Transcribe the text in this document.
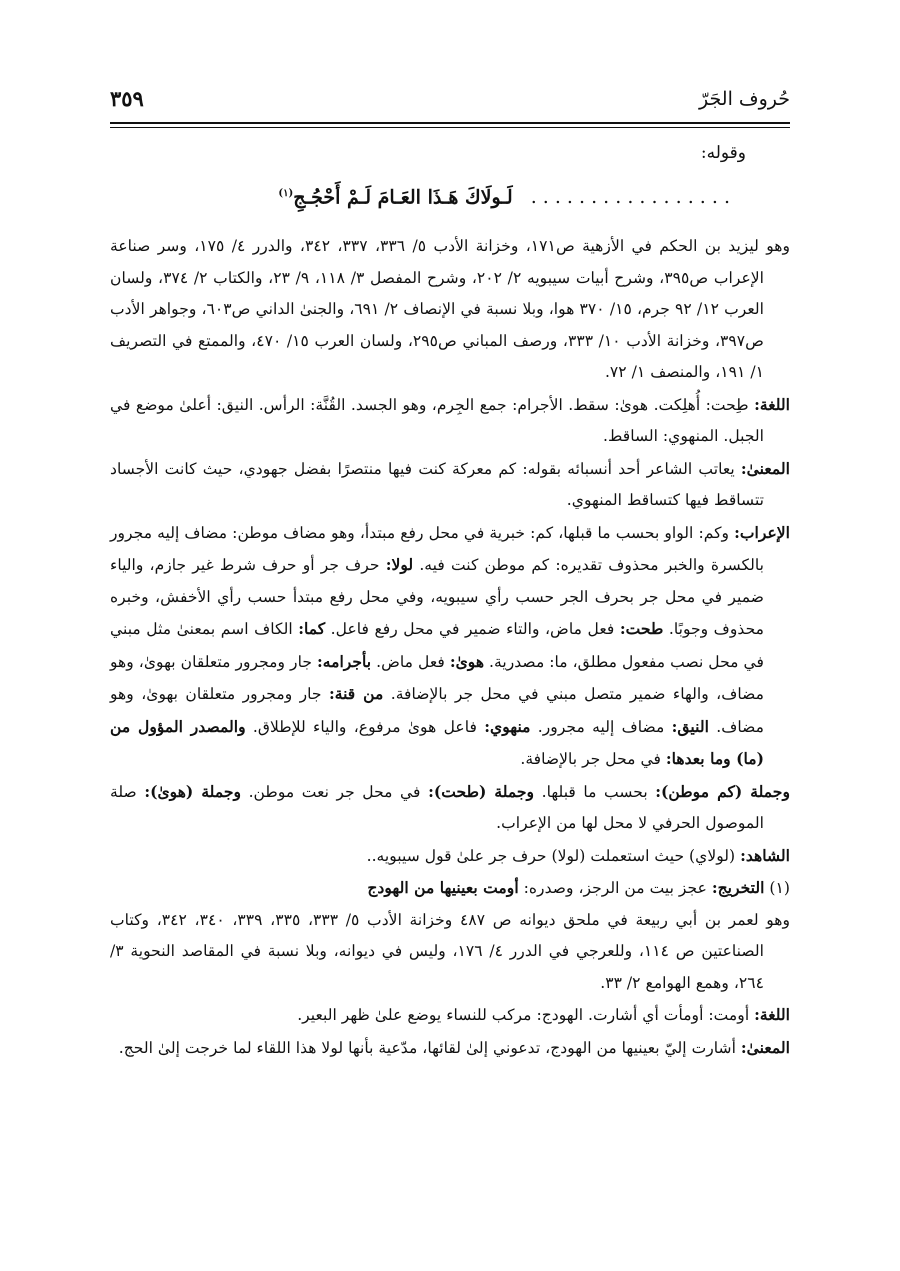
حُروف الجَرّ
٣٥٩
وقوله:
. . . . . . . . . . . . . . . . .لَـولَاكَ هَـذَا العَـامَ لَـمْ أَحْجُـجِ$^{(١)}$

وهو ليزيد بن الحكم في الأزهية ص١٧١، وخزانة الأدب ٥/ ٣٣٦، ٣٣٧، ٣٤٢، والدرر ٤/ ١٧٥، وسر صناعة الإعراب ص٣٩٥، وشرح أبيات سيبويه ٢/ ٢٠٢، وشرح المفصل ٣/ ١١٨، ٩/ ٢٣، والكتاب ٢/ ٣٧٤، ولسان العرب ١٢/ ٩٢ جرم، ١٥/ ٣٧٠ هوا، وبلا نسبة في الإنصاف ٢/ ٦٩١، والجنىٰ الداني ص٦٠٣، وجواهر الأدب ص٣٩٧، وخزانة الأدب ١٠/ ٣٣٣، ورصف المباني ص٢٩٥، ولسان العرب ١٥/ ٤٧٠، والممتع في التصريف ١/ ١٩١، والمنصف ١/ ٧٢.

اللغة: طِحت: أُهلِكت. هوىٰ: سقط. الأجرام: جمع الجِرم، وهو الجسد. القُنَّة: الرأس. النيق: أعلىٰ موضع في الجبل. المنهوي: الساقط.

المعنىٰ: يعاتب الشاعر أحد أنسبائه بقوله: كم معركة كنت فيها منتصرًا بفضل جهودي، حيث كانت الأجساد تتساقط فيها كتساقط المنهوي.

الإعراب: وكم: الواو بحسب ما قبلها، كم: خبرية في محل رفع مبتدأ، وهو مضاف موطن: مضاف إليه مجرور بالكسرة والخبر محذوف تقديره: كم موطن كنت فيه. لولا: حرف جر أو حرف شرط غير جازم، والياء ضمير في محل جر بحرف الجر حسب رأي سيبويه، وفي محل رفع مبتدأ حسب رأي الأخفش، وخبره محذوف وجوبًا. طحت: فعل ماض، والتاء ضمير في محل رفع فاعل. كما: الكاف اسم بمعنىٰ مثل مبني في محل نصب مفعول مطلق، ما: مصدرية. هوىٰ: فعل ماض. بأجرامه: جار ومجرور متعلقان بهوىٰ، وهو مضاف، والهاء ضمير متصل مبني في محل جر بالإضافة. من قنة: جار ومجرور متعلقان بهوىٰ، وهو مضاف. النيق: مضاف إليه مجرور. منهوي: فاعل هوىٰ مرفوع، والياء للإطلاق. والمصدر المؤول من (ما) وما بعدها: في محل جر بالإضافة.

وجملة (كم موطن): بحسب ما قبلها. وجملة (طحت): في محل جر نعت موطن. وجملة (هوىٰ): صلة الموصول الحرفي لا محل لها من الإعراب.

الشاهد: (لولاي) حيث استعملت (لولا) حرف جر علىٰ قول سيبويه..

(١) التخريج: عجز بيت من الرجز، وصدره: أومت بعينيها من الهودج

وهو لعمر بن أبي ربيعة في ملحق ديوانه ص ٤٨٧ وخزانة الأدب ٥/ ٣٣٣، ٣٣٥، ٣٣٩، ٣٤٠، ٣٤٢، وكتاب الصناعتين ص ١١٤، وللعرجي في الدرر ٤/ ١٧٦، وليس في ديوانه، وبلا نسبة في المقاصد النحوية ٣/ ٢٦٤، وهمع الهوامع ٢/ ٣٣.

اللغة: أومت: أومأت أي أشارت. الهودج: مركب للنساء يوضع علىٰ ظهر البعير.

المعنىٰ: أشارت إليّ بعينيها من الهودج، تدعوني إلىٰ لقائها، مدّعية بأنها لولا هذا اللقاء لما خرجت إلىٰ الحج.
